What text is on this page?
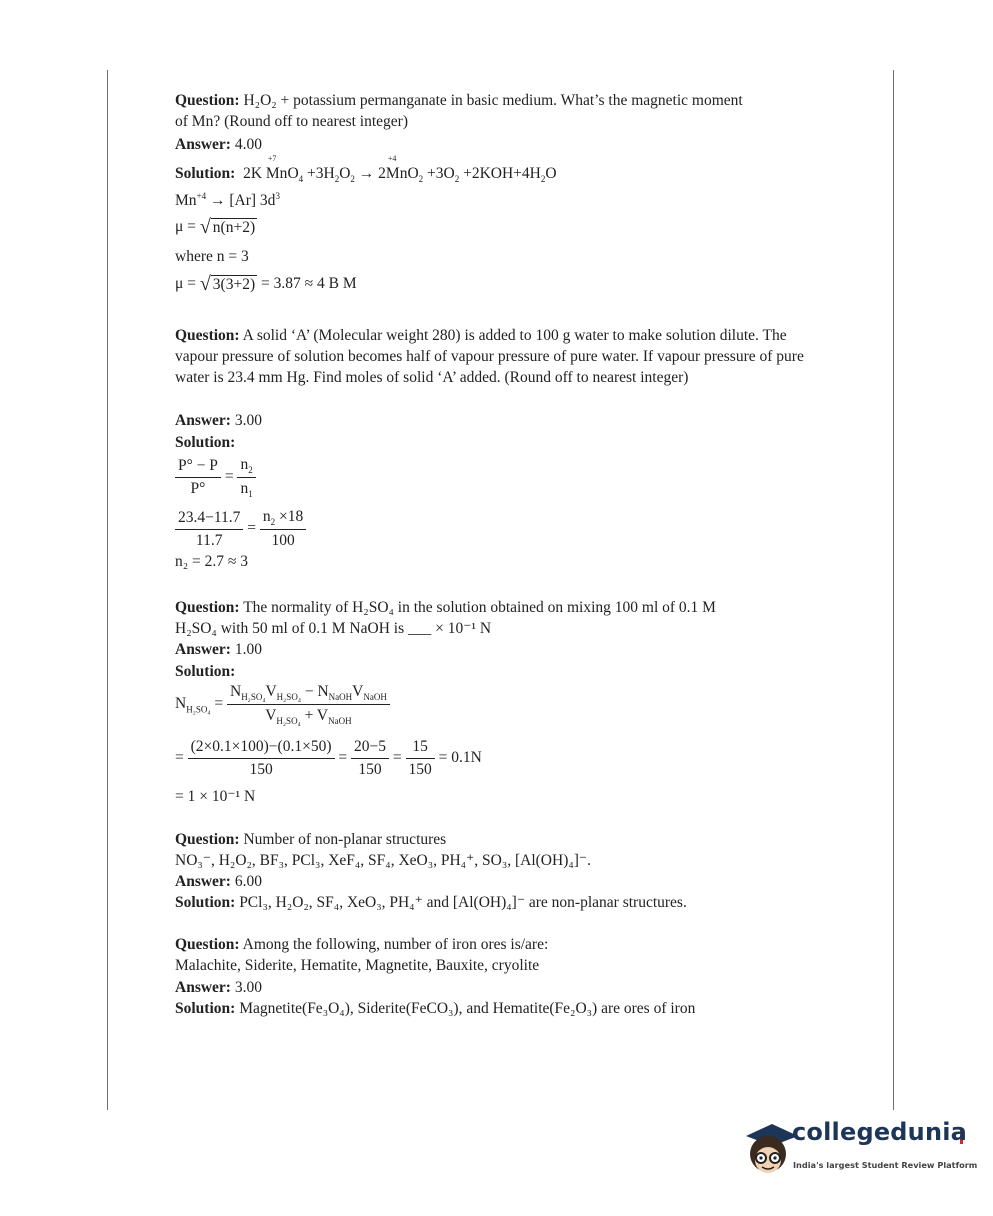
Question: H₂O₂ + potassium permanganate in basic medium. What’s the magnetic moment
of Mn? (Round off to nearest integer)
Answer: 4.00
Solution: 2K
+7
$MnO_4 +3H_2O_2 \to 2$
+4
$MnO_2 +3O_2 +2KOH+4H_2O$
$Mn^{+4} \to [Ar]$ $3d^3$
μ = √ n(n+2)
where n = 3
μ = √ 3(3+2) = 3.87 ≈ 4 B M
Question: A solid ‘A’ (Molecular weight 280) is added to 100 g water to make solution dilute. The vapour pressure of solution becomes half of vapour pressure of pure water. If vapour pressure of pure water is 23.4 mm Hg. Find moles of solid ‘A’ added. (Round off to nearest integer)
Answer: 3.00
Solution:
$\frac{P^\circ - P}{P^\circ} = \frac{n_2}{n_1}$
$\frac{23.4-11.7}{11.7} = \frac{n_2 \times 18}{100}$
n₂ = 2.7 ≈ 3
Question: The normality of H₂SO₄ in the solution obtained on mixing 100 ml of 0.1 M
H₂SO₄ with 50 ml of 0.1 M NaOH is ___ × 10⁻¹ N
Answer: 1.00
Solution:
$N_{H_2SO_4} = \frac{N_{H_2SO_4}V_{H_2SO_4} - N_{NaOH}V_{NaOH}}{V_{H_2SO_4} + V_{NaOH}}$
= $\frac{(2\times 0.1\times 100)-(0.1\times 50)}{150} = \frac{20-5}{150} = \frac{15}{150} = 0.1N$
= 1 × 10⁻¹ N
Question: Number of non-planar structures
NO₃⁻, H₂O₂, BF₃, PCl₃, XeF₄, SF₄, XeO₃, PH₄⁺, SO₃, [Al(OH)₄]⁻.
Answer: 6.00
Solution: PCl₃, H₂O₂, SF₄, XeO₃, PH₄⁺ and [Al(OH)₄]⁻ are non-planar structures.
Question: Among the following, number of iron ores is/are:
Malachite, Siderite, Hematite, Magnetite, Bauxite, cryolite
Answer: 3.00
Solution: Magnetite(Fe₃O₄), Siderite(FeCO₃), and Hematite(Fe₂O₃) are ores of iron
collegedunia
India's largest Student Review Platform
